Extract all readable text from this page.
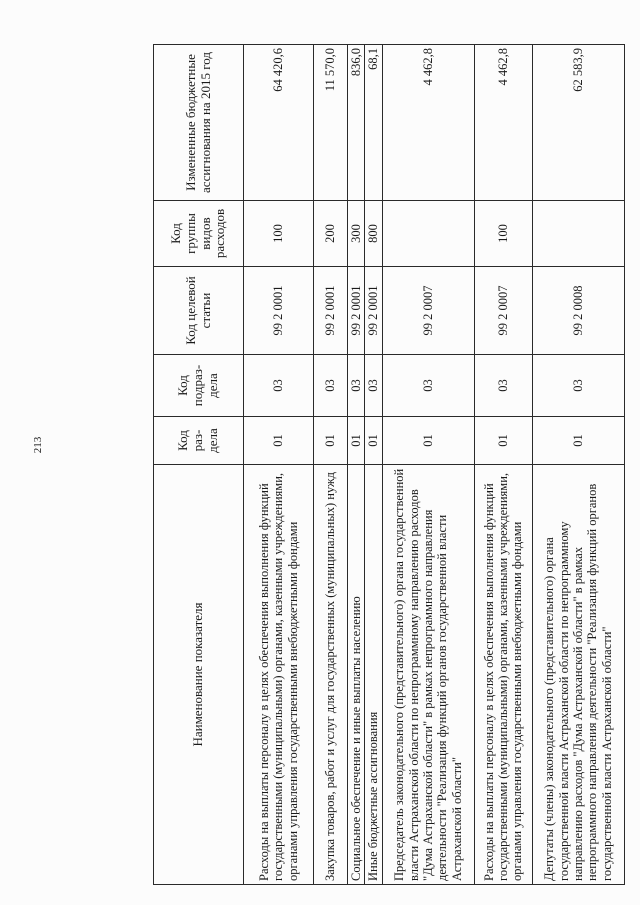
213
Наименование показателя	Код раз-дела	Код подраз-дела	Код целевой статьи	Код группы видов расходов	Измененные бюджетные ассигнования на 2015 год
Расходы на выплаты персоналу в целях обеспечения выполнения функций государственными (муниципальными) органами, казенными учреждениями, органами управления государственными внебюджетными фондами	01	03	99 2 0001	100	64 420,6
Закупка товаров, работ и услуг для государственных (муниципальных) нужд	01	03	99 2 0001	200	11 570,0
Социальное обеспечение и иные выплаты населению	01	03	99 2 0001	300	836,0
Иные бюджетные ассигнования	01	03	99 2 0001	800	68,1
Председатель законодательного (представительного) органа государственной власти Астраханской области по непрограммному направлению расходов "Дума Астраханской области" в рамках непрограммного направления деятельности "Реализация функций органов государственной власти Астраханской области"	01	03	99 2 0007		4 462,8
Расходы на выплаты персоналу в целях обеспечения выполнения функций государственными (муниципальными) органами, казенными учреждениями, органами управления государственными внебюджетными фондами	01	03	99 2 0007	100	4 462,8
Депутаты (члены) законодательного (представительного) органа государственной власти Астраханской области по непрограммному направлению расходов "Дума Астраханской области" в рамках непрограммного направления деятельности "Реализация функций органов государственной власти Астраханской области"	01	03	99 2 0008		62 583,9
